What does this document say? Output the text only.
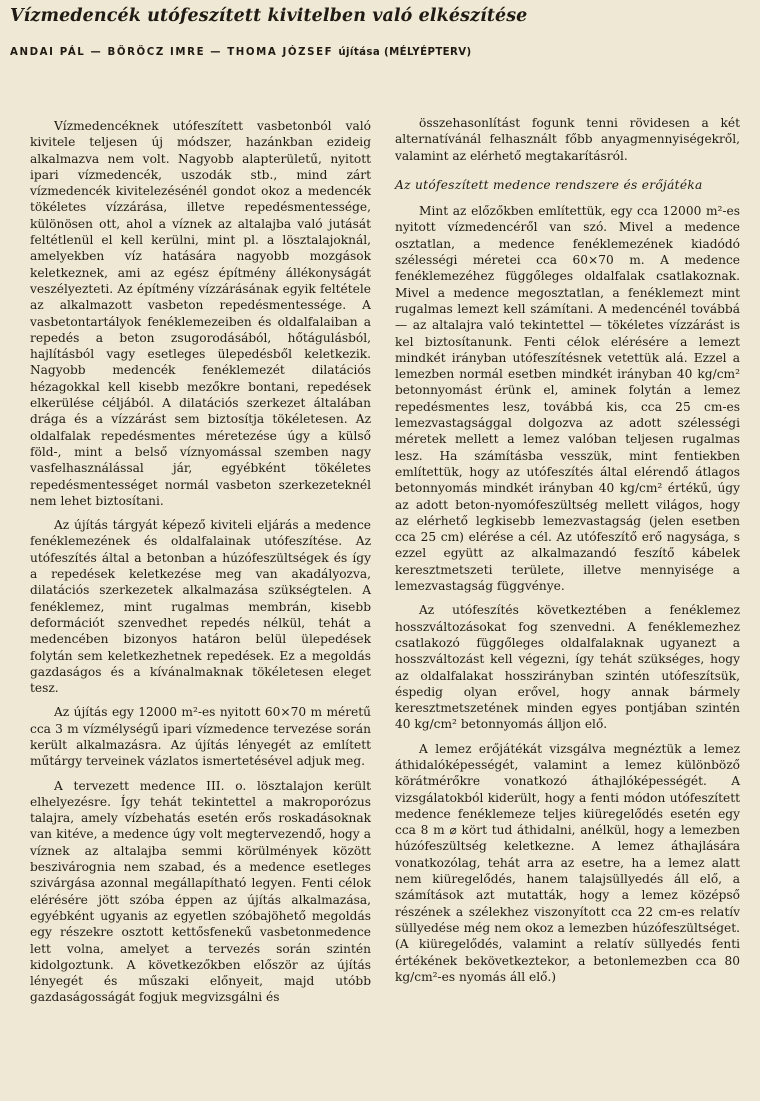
Vízmedencék utófeszített kivitelben való elkészítése
ANDAI PÁL — BÖRÖCZ IMRE — THOMA JÓZSEF újítása (MÉLYÉPTERV)

Vízmedencéknek utófeszített vasbetonból való kivitele teljesen új módszer, hazánkban ezideig alkalmazva nem volt. Nagyobb alapterületű, nyitott ipari vízmedencék, uszodák stb., mind zárt vízmedencék kivitelezésénél gondot okoz a medencék tökéletes vízzárása, illetve repedésmentessége, különösen ott, ahol a víznek az altalajba való jutását feltétlenül el kell kerülni, mint pl. a lösztalajoknál, amelyekben víz hatására nagyobb mozgások keletkeznek, ami az egész építmény állékonyságát veszélyezteti. Az építmény vízzárásának egyik feltétele az alkalmazott vasbeton repedésmentessége. A vasbetontartályok fenéklemezeiben és oldalfalaiban a repedés a beton zsugorodásából, hőtágulásból, hajlításból vagy esetleges ülepedésből keletkezik. Nagyobb medencék fenéklemezét dilatációs hézagokkal kell kisebb mezőkre bontani, repedések elkerülése céljából. A dilatációs szerkezet általában drága és a vízzárást sem biztosítja tökéletesen. Az oldalfalak repedésmentes méretezése úgy a külső föld-, mint a belső víznyomással szemben nagy vasfelhasználással jár, egyébként tökéletes repedésmentességet normál vasbeton szerkezeteknél nem lehet biztosítani.

Az újítás tárgyát képező kiviteli eljárás a medence fenéklemezének és oldalfalainak utófeszítése. Az utófeszítés által a betonban a húzófeszültségek és így a repedések keletkezése meg van akadályozva, dilatációs szerkezetek alkalmazása szükségtelen. A fenéklemez, mint rugalmas membrán, kisebb deformációt szenvedhet repedés nélkül, tehát a medencében bizonyos határon belül ülepedések folytán sem keletkezhetnek repedések. Ez a megoldás gazdaságos és a kívánalmaknak tökéletesen eleget tesz.

Az újítás egy 12000 m²-es nyitott 60×70 m méretű cca 3 m vízmélységű ipari vízmedence tervezése során került alkalmazásra. Az újítás lényegét az említett műtárgy terveinek vázlatos ismertetésével adjuk meg.

A tervezett medence III. o. lösztalajon került elhelyezésre. Így tehát tekintettel a makroporózus talajra, amely vízbehatás esetén erős roskadásoknak van kitéve, a medence úgy volt megtervezendő, hogy a víznek az altalajba semmi körülmények között beszivárognia nem szabad, és a medence esetleges szivárgása azonnal megállapítható legyen. Fenti célok elérésére jött szóba éppen az újítás alkalmazása, egyébként ugyanis az egyetlen szóbajöhető megoldás egy részekre osztott kettősfenekű vasbetonmedence lett volna, amelyet a tervezés során szintén kidolgoztunk. A következőkben először az újítás lényegét és műszaki előnyeit, majd utóbb gazdaságosságát fogjuk megvizsgálni és

összehasonlítást fogunk tenni rövidesen a két alternatívánál felhasznált főbb anyagmennyiségekről, valamint az elérhető megtakarításról.

Az utófeszített medence rendszere és erőjátéka

Mint az előzőkben említettük, egy cca 12000 m²-es nyitott vízmedencéről van szó. Mivel a medence osztatlan, a medence fenéklemezének kiadódó szélességi méretei cca 60×70 m. A medence fenéklemezéhez függőleges oldalfalak csatlakoznak. Mivel a medence megosztatlan, a fenéklemezt mint rugalmas lemezt kell számítani. A medencénél továbbá — az altalajra való tekintettel — tökéletes vízzárást is kel biztosítanunk. Fenti célok elérésére a lemezt mindkét irányban utófeszítésnek vetettük alá. Ezzel a lemezben normál esetben mindkét irányban 40 kg/cm² betonnyomást érünk el, aminek folytán a lemez repedésmentes lesz, továbbá kis, cca 25 cm-es lemezvastagsággal dolgozva az adott szélességi méretek mellett a lemez valóban teljesen rugalmas lesz. Ha számításba vesszük, mint fentiekben említettük, hogy az utófeszítés által elérendő átlagos betonnyomás mindkét irányban 40 kg/cm² értékű, úgy az adott beton-nyomófeszültség mellett világos, hogy az elérhető legkisebb lemezvastagság (jelen esetben cca 25 cm) elérése a cél. Az utófeszítő erő nagysága, s ezzel együtt az alkalmazandó feszítő kábelek keresztmetszeti területe, illetve mennyisége a lemezvastagság függvénye.

Az utófeszítés következtében a fenéklemez hosszváltozásokat fog szenvedni. A fenéklemezhez csatlakozó függőleges oldalfalaknak ugyanezt a hosszváltozást kell végezni, így tehát szükséges, hogy az oldalfalakat hosszirányban szintén utófeszítsük, éspedig olyan erővel, hogy annak bármely keresztmetszetének minden egyes pontjában szintén 40 kg/cm² betonnyomás álljon elő.

A lemez erőjátékát vizsgálva megnéztük a lemez áthidalóképességét, valamint a lemez különböző körátmérőkre vonatkozó áthajlóképességét. A vizsgálatokból kiderült, hogy a fenti módon utófeszített medence fenéklemeze teljes kiüregelődés esetén egy cca 8 m ⌀ kört tud áthidalni, anélkül, hogy a lemezben húzófeszültség keletkezne. A lemez áthajlására vonatkozólag, tehát arra az esetre, ha a lemez alatt nem kiüregelődés, hanem talajsüllyedés áll elő, a számítások azt mutatták, hogy a lemez középső részének a szélekhez viszonyított cca 22 cm-es relatív süllyedése még nem okoz a lemezben húzófeszültséget. (A kiüregelődés, valamint a relatív süllyedés fenti értékének bekövetkeztekor, a betonlemezben cca 80 kg/cm²-es nyomás áll elő.)
